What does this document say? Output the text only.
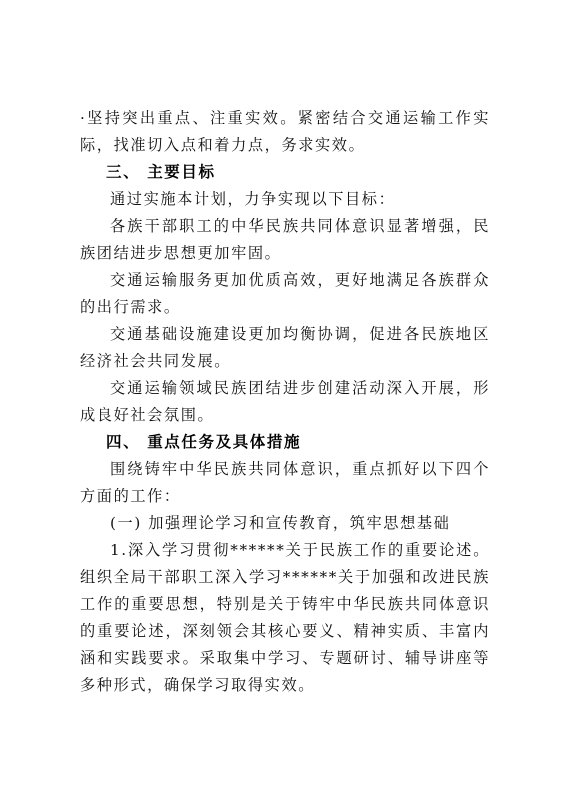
·坚持突出重点、注重实效。紧密结合交通运输工作实际，找准切入点和着力点，务求实效。

三、 主要目标

通过实施本计划，力争实现以下目标：

各族干部职工的中华民族共同体意识显著增强，民族团结进步思想更加牢固。

交通运输服务更加优质高效，更好地满足各族群众的出行需求。

交通基础设施建设更加均衡协调，促进各民族地区经济社会共同发展。

交通运输领域民族团结进步创建活动深入开展，形成良好社会氛围。

四、 重点任务及具体措施

围绕铸牢中华民族共同体意识，重点抓好以下四个方面的工作：

(一) 加强理论学习和宣传教育，筑牢思想基础

1.深入学习贯彻******关于民族工作的重要论述。组织全局干部职工深入学习******关于加强和改进民族工作的重要思想，特别是关于铸牢中华民族共同体意识的重要论述，深刻领会其核心要义、精神实质、丰富内涵和实践要求。采取集中学习、专题研讨、辅导讲座等多种形式，确保学习取得实效。
